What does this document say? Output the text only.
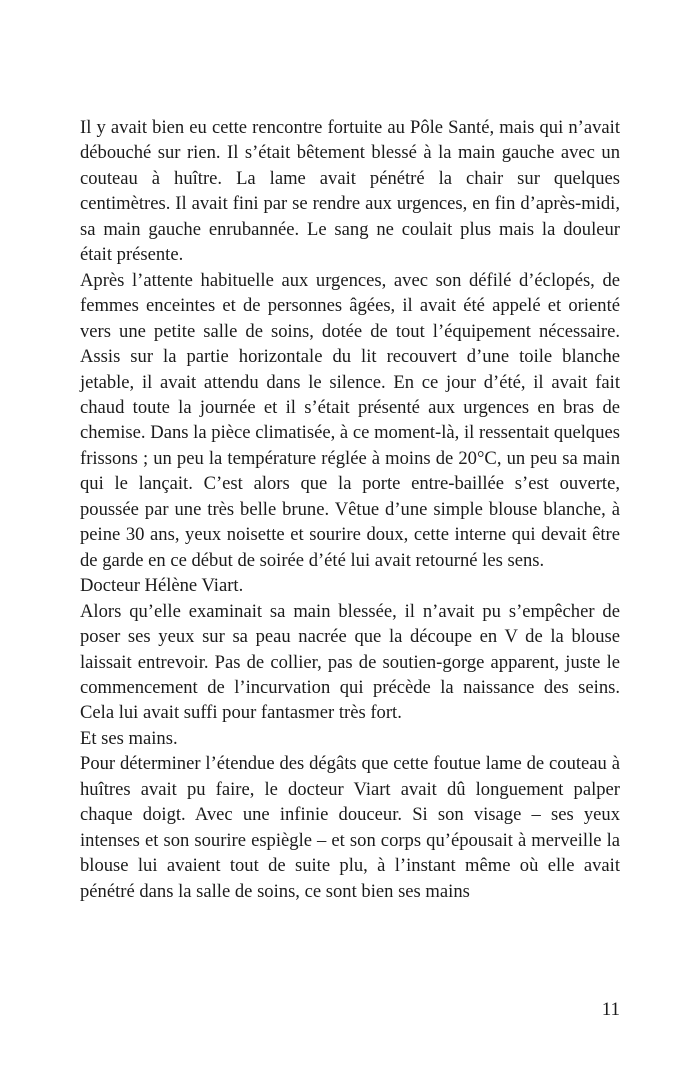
Il y avait bien eu cette rencontre fortuite au Pôle Santé, mais qui n’avait débouché sur rien. Il s’était bêtement blessé à la main gauche avec un couteau à huître. La lame avait pénétré la chair sur quelques centimètres. Il avait fini par se rendre aux urgences, en fin d’après-midi, sa main gauche enrubannée. Le sang ne coulait plus mais la douleur était présente.

Après l’attente habituelle aux urgences, avec son défilé d’éclopés, de femmes enceintes et de personnes âgées, il avait été appelé et orienté vers une petite salle de soins, dotée de tout l’équipement nécessaire. Assis sur la partie horizontale du lit recouvert d’une toile blanche jetable, il avait attendu dans le silence. En ce jour d’été, il avait fait chaud toute la journée et il s’était présenté aux urgences en bras de chemise. Dans la pièce climatisée, à ce moment-là, il ressentait quelques frissons ; un peu la température réglée à moins de 20°C, un peu sa main qui le lançait. C’est alors que la porte entre-baillée s’est ouverte, poussée par une très belle brune. Vêtue d’une simple blouse blanche, à peine 30 ans, yeux noisette et sourire doux, cette interne qui devait être de garde en ce début de soirée d’été lui avait retourné les sens.

Docteur Hélène Viart.

Alors qu’elle examinait sa main blessée, il n’avait pu s’empêcher de poser ses yeux sur sa peau nacrée que la découpe en V de la blouse laissait entrevoir. Pas de collier, pas de soutien-gorge apparent, juste le commencement de l’incurvation qui précède la naissance des seins. Cela lui avait suffi pour fantasmer très fort.

Et ses mains.

Pour déterminer l’étendue des dégâts que cette foutue lame de couteau à huîtres avait pu faire, le docteur Viart avait dû longuement palper chaque doigt. Avec une infinie douceur. Si son visage – ses yeux intenses et son sourire espiègle – et son corps qu’épousait à merveille la blouse lui avaient tout de suite plu, à l’instant même où elle avait pénétré dans la salle de soins, ce sont bien ses mains

11
